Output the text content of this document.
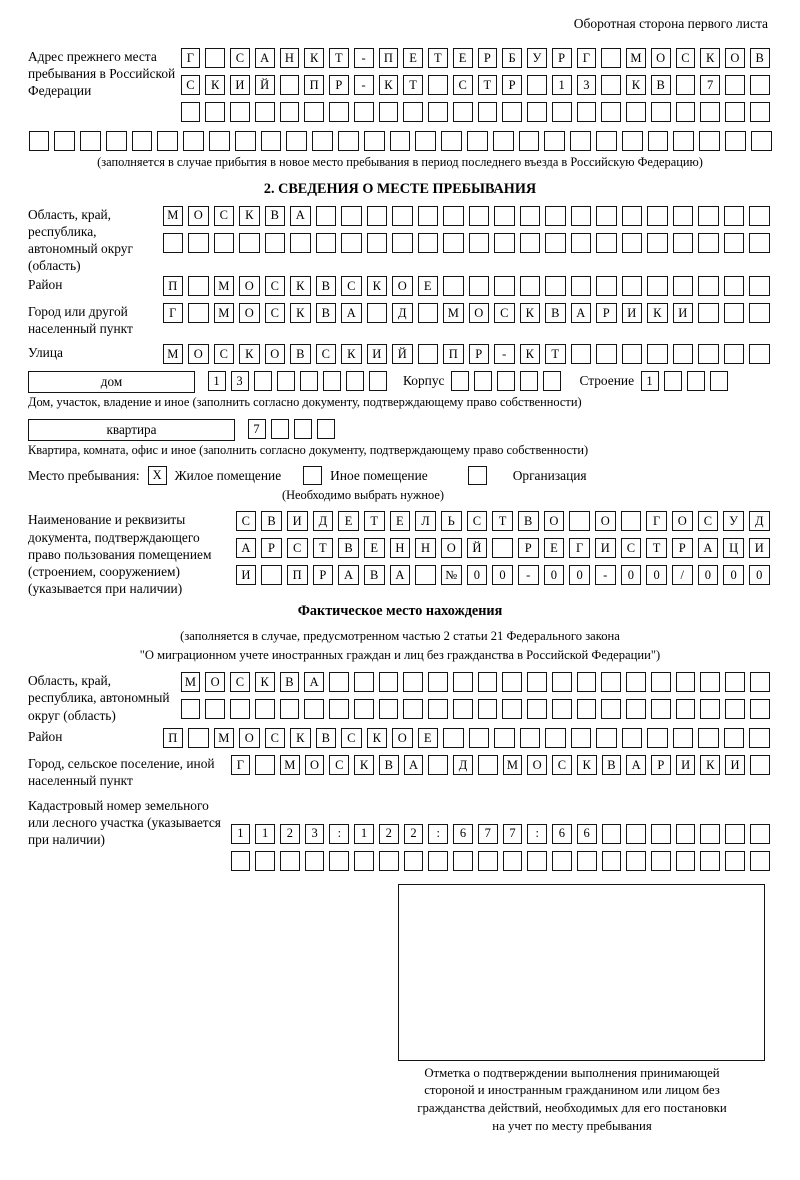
Оборотная сторона первого листа
Адрес прежнего места пребывания в Российской Федерации
Г	С	А	Н	К	Т	-	П	Е	Т	Е	Р	Б	У	Р	Г	М	О	С	К	О	В
С	К	И	Й	П	Р	-	К	Т	С	Т	Р	1	3	К	В	7
(заполняется в случае прибытия в новое место пребывания в период последнего въезда в Российскую Федерацию)
2. СВЕДЕНИЯ О МЕСТЕ ПРЕБЫВАНИЯ
Область, край, республика, автономный округ (область)
М	О	С	К	В	А
Район	П	М	О	С	К	В	С	К	О	Е
Город или другой населенный пункт
Г	М	О	С	К	В	А	Д	М	О	С	К	В	А	Р	И	К	И
Улица	М	О	С	К	О	В	С	К	И	Й	П	Р	-	К	Т
дом	1	3	Корпус	Строение 1
Дом, участок, владение и иное (заполнить согласно документу, подтверждающему право собственности)
квартира	7
Квартира, комната, офис и иное (заполнить согласно документу, подтверждающему право собственности)
Место пребывания:	X Жилое помещение	Иное помещение	Организация
(Необходимо выбрать нужное)
Наименование и реквизиты документа, подтверждающего право пользования помещением (строением, сооружением) (указывается при наличии)
С	В	И	Д	Е	Т	Е	Л	Ь	С	Т	В	О	О	Г	О	С	У	Д
А	Р	С	Т	В	Е	Н	Н	О	Й	Р	Е	Г	И	С	Т	Р	А	Ц	И
И	П	Р	А	В	А	№	0	0	-	0	0	-	0	0	/	0	0	0
Фактическое место нахождения
(заполняется в случае, предусмотренном частью 2 статьи 21 Федерального закона
"О миграционном учете иностранных граждан и лиц без гражданства в Российской Федерации")
Область, край, республика, автономный округ (область)
М	О	С	К	В	А
Район	П	М	О	С	К	В	С	К	О	Е
Город, сельское поселение, иной населенный пункт
Г	М	О	С	К	В	А	Д	М	О	С	К	В	А	Р	И	К	И
Кадастровый номер земельного или лесного участка (указывается при наличии)	1	1	2	3	:	1	2	2	:	6	7	7	:	6	6
Отметка о подтверждении выполнения принимающей
стороной и иностранным гражданином или лицом без
гражданства действий, необходимых для его постановки
на учет по месту пребывания
